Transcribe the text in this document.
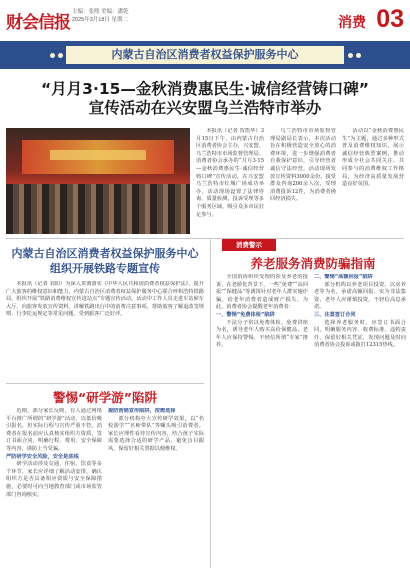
财会信报
主编：张熙 美编：潘乾
2025年3月18日 星期二	消费 03
内蒙古自治区消费者权益保护服务中心
“月月3·15—金秋消费惠民生·诚信经营铸口碑”
宣传活动在兴安盟乌兰浩特市举办

本报讯（记者 贺凯华）3月15日下午，由内蒙古自治区消费者协会主办，兴安盟、乌兰浩特市市场监督管理局、消费者协会承办的“月月3·15—金秋消费惠民生·诚信经营铸口碑”宣传活动，在兴安盟乌兰浩特市红城广场成功举办。活动现场设置了法律咨询、质量检测、投诉受理等多个服务区域，吸引众多市民驻足参与。

乌兰浩特市市场监督管理局副局长表示，本次活动旨在积极营造安全放心的消费环境，进一步增强消费者自我保护意识，引导经营者诚信守法经营。活动现场发放宣传资料3000余份，接受群众咨询200余人次，受理消费投诉12件，为消费者挽回经济损失。

活动以“金秋消费惠民生”为主题，通过多种形式普及消费维权知识，展示诚信经营典型案例，推动形成全社会共同关注、共同参与的消费维权工作格局，为经济高质量发展营造良好氛围。

内蒙古自治区消费者权益保护服务中心
组织开展铁路专题宣传

本报讯（记者 刘阳）为深入贯彻落实《中华人民共和国消费者权益保护法》，提升广大旅客的维权意识和能力，内蒙古自治区消费者权益保护服务中心联合呼和浩特铁路局，组织开展“铁路消费维权宣传进站点”专题宣传活动。活动中工作人员走进车站候车大厅，向旅客发放宣传资料，讲解铁路出行中的消费注意事项，帮助旅客了解退改签规则、行李托运规定等常见问题，受到旅客广泛好评。

警惕“研学游”陷阱

近期，部分家长反映，有人通过网络平台推广所谓的“研学游”活动，以低价吸引报名，但实际行程与宣传严重不符。消费者在报名前应认真核实组织方资质，签订书面合同，明确行程、费用、安全保障等内容，谨防上当受骗。

严防研学安全风险，安全是底线

研学活动涉及交通、住宿、饮食等多个环节，家长应详细了解活动安排，确认组织方是否具备相应资质与安全保障措施，必要时可向当地教育部门或市场监管部门咨询核实。

提防营销宣传陷阱，按需选择

部分机构夸大宣传研学效果，以“名校游学”“名师带队”等噱头吸引消费者。家长应理性看待宣传内容，结合孩子实际需要选择合适的研学产品，避免盲目跟风，保留好相关票据以便维权。

消费警示
养老服务消费防骗指南

全国消协组织受理的涉及养老的投诉，在老龄化背景下，一些“免费”“高回报”“保健品”等诱饵针对老年人群实施诈骗，给老年消费者造成财产损失。为此，消费者协会提醒老年消费者：

一、警惕“免费体检”陷阱

不法分子常以免费体检、免费讲座为名，诱导老年人购买高价保健品，老年人应保持警惕，不轻信所谓“专家”推荐。

二、警惕“高额回报”陷阱

部分机构以养老项目投资、以房养老等为名，承诺高额回报，实为非法集资，老年人应谨慎投资，不轻信高息承诺。

三、注意签订合同

选择养老服务时，应签订书面合同，明确服务内容、收费标准、违约责任，保留好相关凭证，发现问题及时向消费者协会投诉或拨打12315热线。
